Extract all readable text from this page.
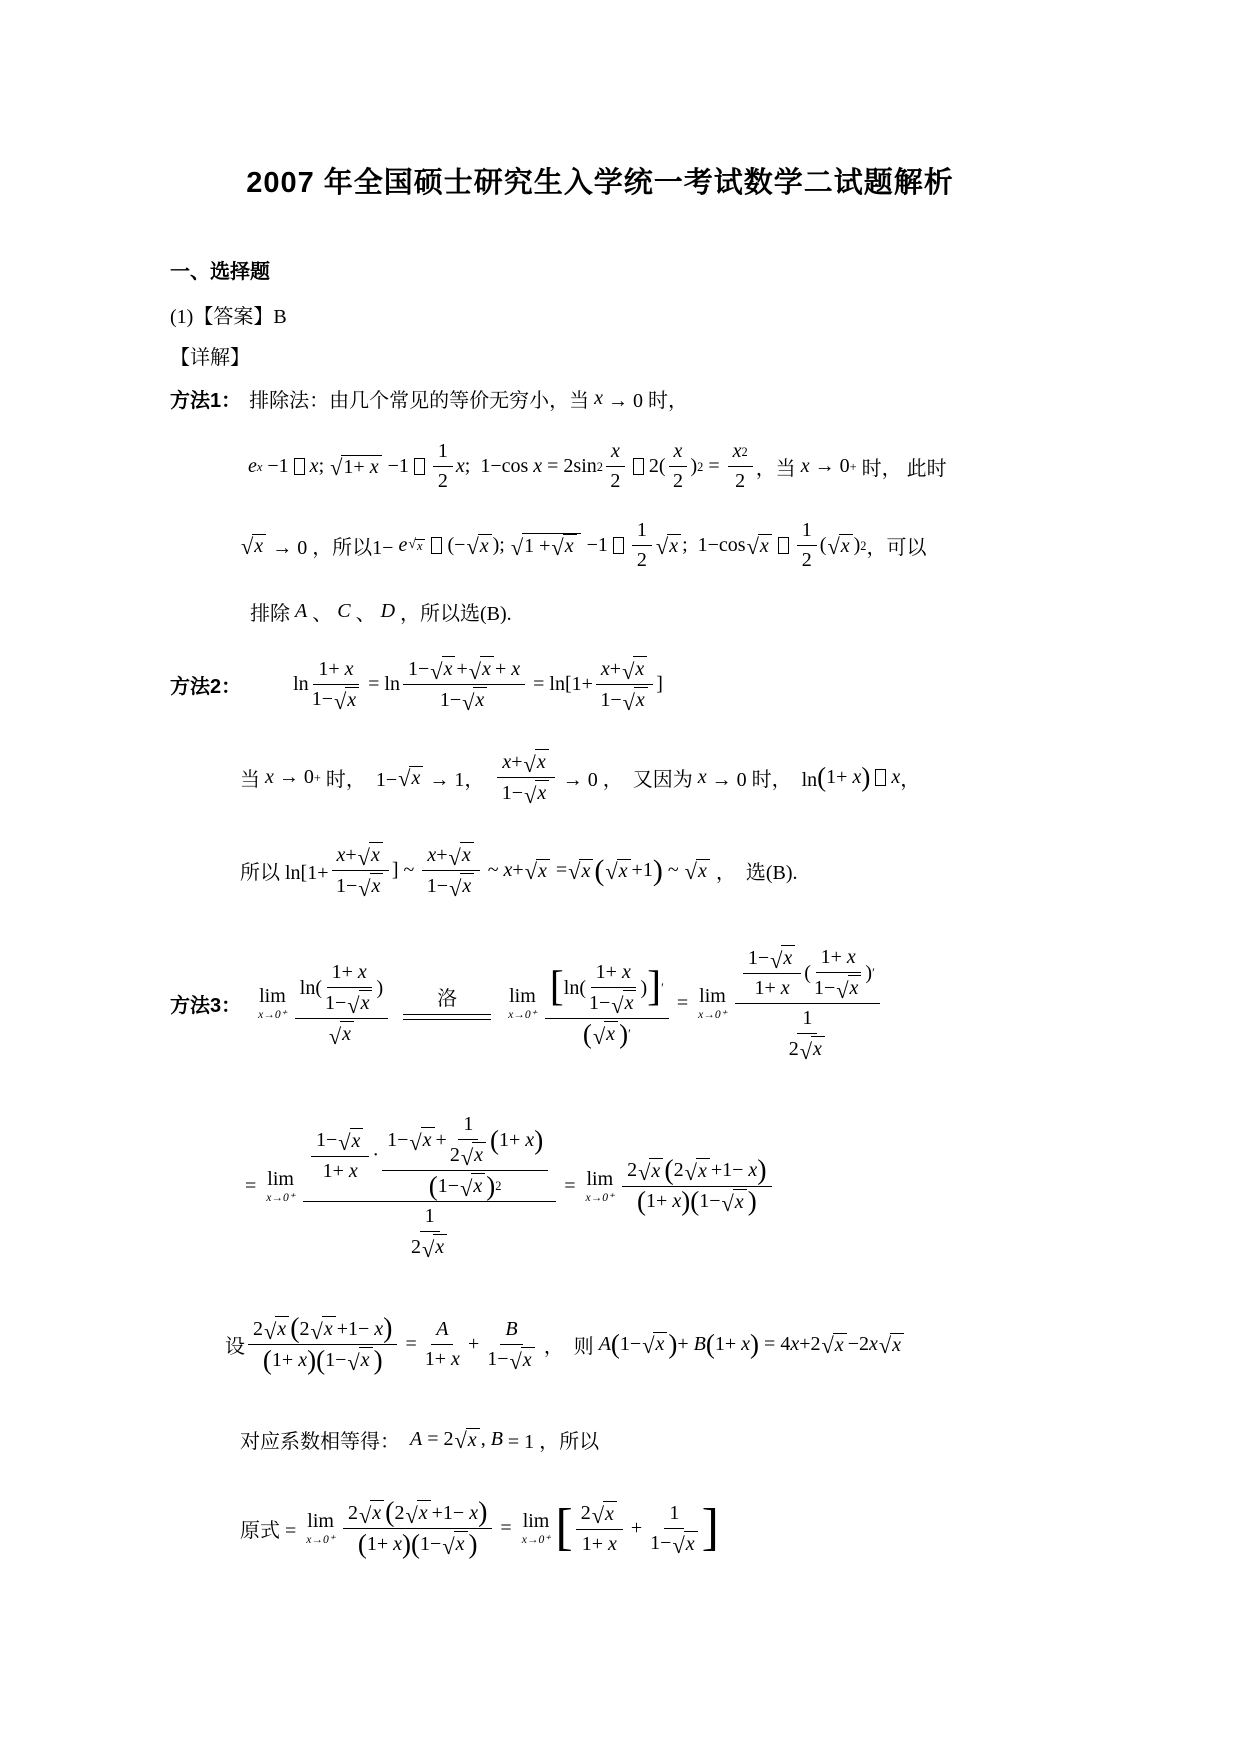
2007 年全国硕士研究生入学统一考试数学二试题解析
一、选择题
(1)【答案】B
【详解】
方法1： 排除法：由几个常见的等价无穷小，当 x → 0 时，
e x −1 x ; √ $1+ x -1 \frac{1}{2}$ x ;  1−cos x = 2sin $2 \frac{x}{2} 2( \frac{x}{2}$ ) $2 = \frac{x 2}{2}$ ，当 x → 0 + 时， 此时
√ x → 0 ，所以1− e √ x (− √ x ); √ 1 + √ $x -1 \frac{1}{2}$ √ x ;  1−cos √ x $\frac{1}{2}$ ( √ x ) 2 ，可以
排除 A 、 C 、 D ，所以选(B).
方法2：	$\ln \frac{1+ x}{1- √ x} = \ln \frac{1- √ x + √ x + x}{1- √ x} = \ln[1+ \frac{x + √ x}{1- √ x}$ ]
当 x → 0 + 时，  1− √ x → 1， $\frac{x + √ x}{1- √ x} \to 0$ ，  又因为 x → 0 时，  ln ( 1+ x ) x ，
所以 $\ln[1+ \frac{x + √ x}{1- √ x}$ ] ~ $\frac{x + √ x}{1- √ x}$ ~ x + √ x = √ x ( √ x +1 ) ~ √ x ，  选(B).
方法3： lim
$x\to 0^+ \frac{\ln( \frac{1+ x}{1- √ x} )}{√ x}$ 洛	lim
$x\to 0^+ \frac{[ \ln( \frac{1+ x}{1- √ x} ) ] '}{( √ x ) '} = \lim$
$x\to 0^+ \frac{\frac{1- √ x}{1+ x} ( \frac{1+ x}{1- √ x} ) '}{\frac{1}{2 √ x}}$
= lim
$x\to 0^+ \frac{\frac{1- √ x}{1+ x} \cdot \frac{1- √ x + \frac{1}{2 √ x} ( 1+ x )}{( 1- √ x ) 2}}{\frac{1}{2 √ x}} = \lim$
$x\to 0^+ \frac{2 √ x ( 2 √ x +1- x )}{( 1+ x ) ( 1- √ x )}$
设 $\frac{2 √ x ( 2 √ x +1- x )}{( 1+ x ) ( 1- √ x )} = \frac{A}{1+ x} + \frac{B}{1- √ x}$ ，  则 A ( 1− √ x ) + B ( 1+ x ) = 4 x +2 √ x −2 x √ x
对应系数相等得： A = 2 √ x , B = 1 ，所以
原式 = lim
$x\to 0^+ \frac{2 √ x ( 2 √ x +1- x )}{( 1+ x ) ( 1- √ x )} = \lim$
x→0⁺ [ $\frac{2 √ x}{1+ x} + \frac{1}{1- √ x}$ ]
